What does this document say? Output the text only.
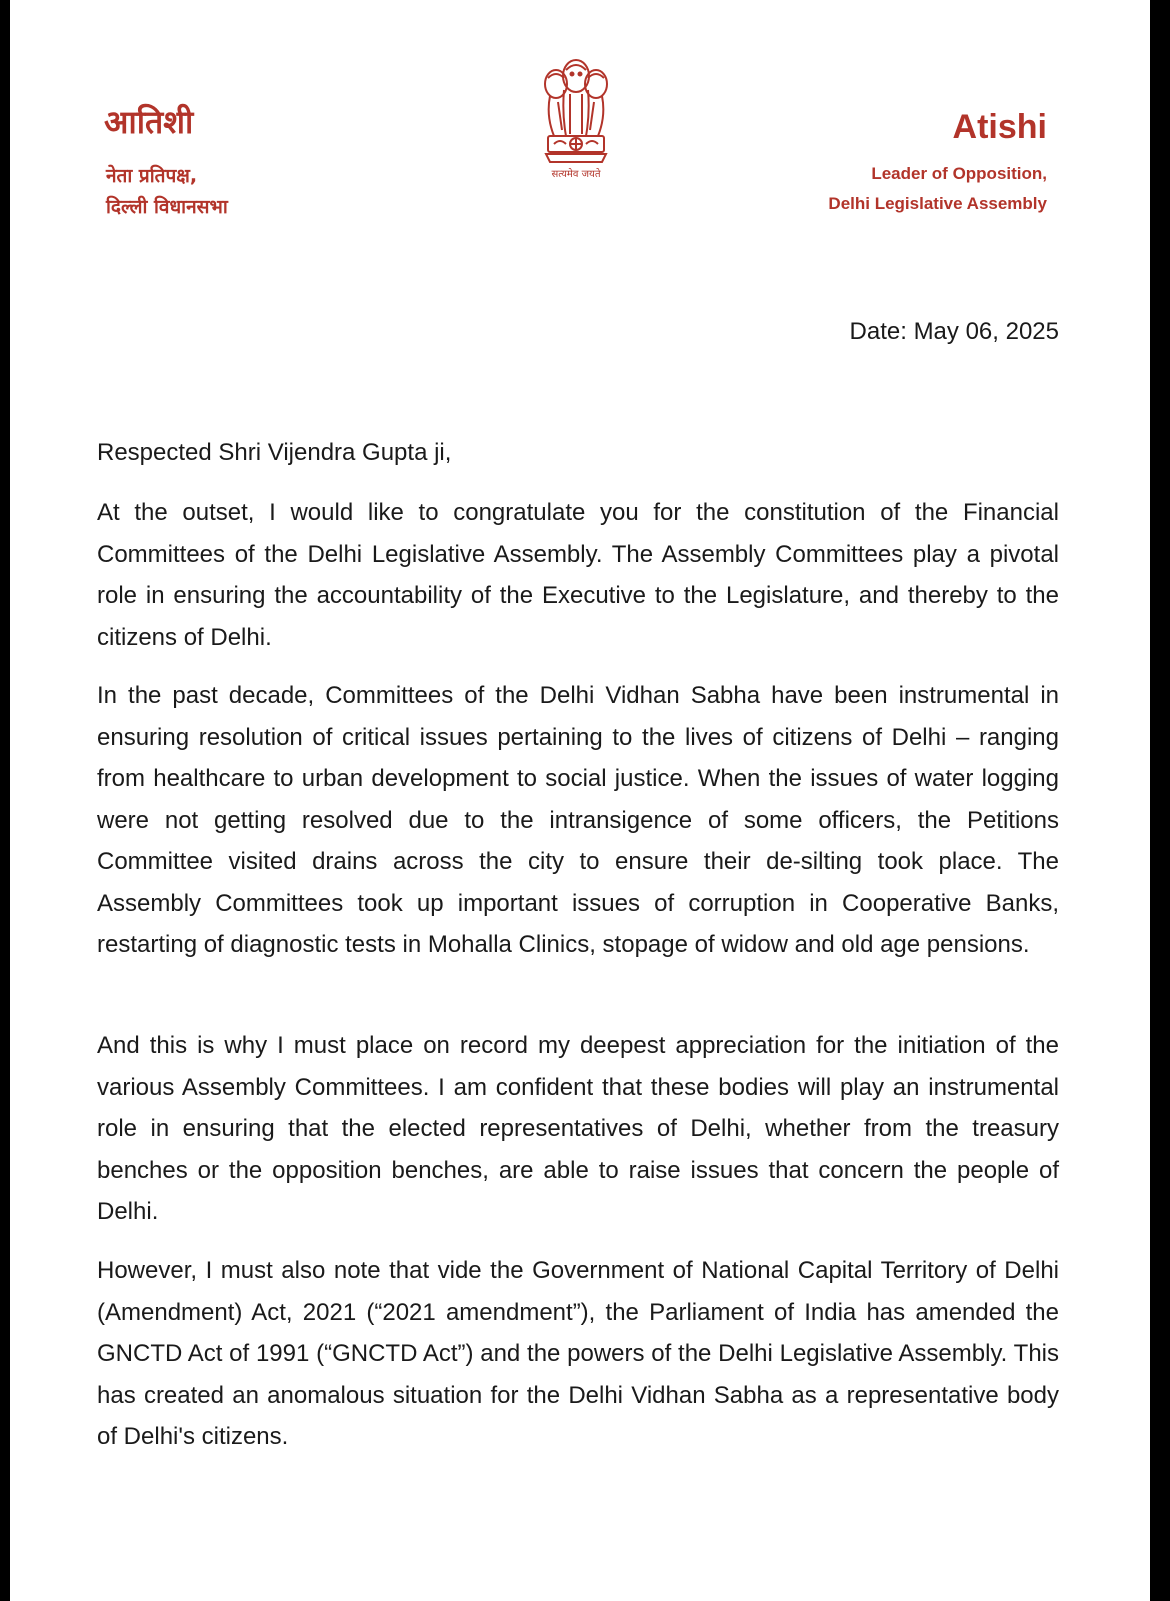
आतिशी
नेता प्रतिपक्ष,
दिल्ली विधानसभा
सत्यमेव जयते
Atishi
Leader of Opposition,
Delhi Legislative Assembly
Date: May 06, 2025

Respected Shri Vijendra Gupta ji,

At the outset, I would like to congratulate you for the constitution of the Financial Committees of the Delhi Legislative Assembly. The Assembly Committees play a pivotal role in ensuring the accountability of the Executive to the Legislature, and thereby to the citizens of Delhi.

In the past decade, Committees of the Delhi Vidhan Sabha have been instrumental in ensuring resolution of critical issues pertaining to the lives of citizens of Delhi – ranging from healthcare to urban development to social justice. When the issues of water logging were not getting resolved due to the intransigence of some officers, the Petitions Committee visited drains across the city to ensure their de-silting took place. The Assembly Committees took up important issues of corruption in Cooperative Banks, restarting of diagnostic tests in Mohalla Clinics, stopage of widow and old age pensions.

And this is why I must place on record my deepest appreciation for the initiation of the various Assembly Committees. I am confident that these bodies will play an instrumental role in ensuring that the elected representatives of Delhi, whether from the treasury benches or the opposition benches, are able to raise issues that concern the people of Delhi.

However, I must also note that vide the Government of National Capital Territory of Delhi (Amendment) Act, 2021 (“2021 amendment”), the Parliament of India has amended the GNCTD Act of 1991 (“GNCTD Act”) and the powers of the Delhi Legislative Assembly. This has created an anomalous situation for the Delhi Vidhan Sabha as a representative body of Delhi's citizens.
